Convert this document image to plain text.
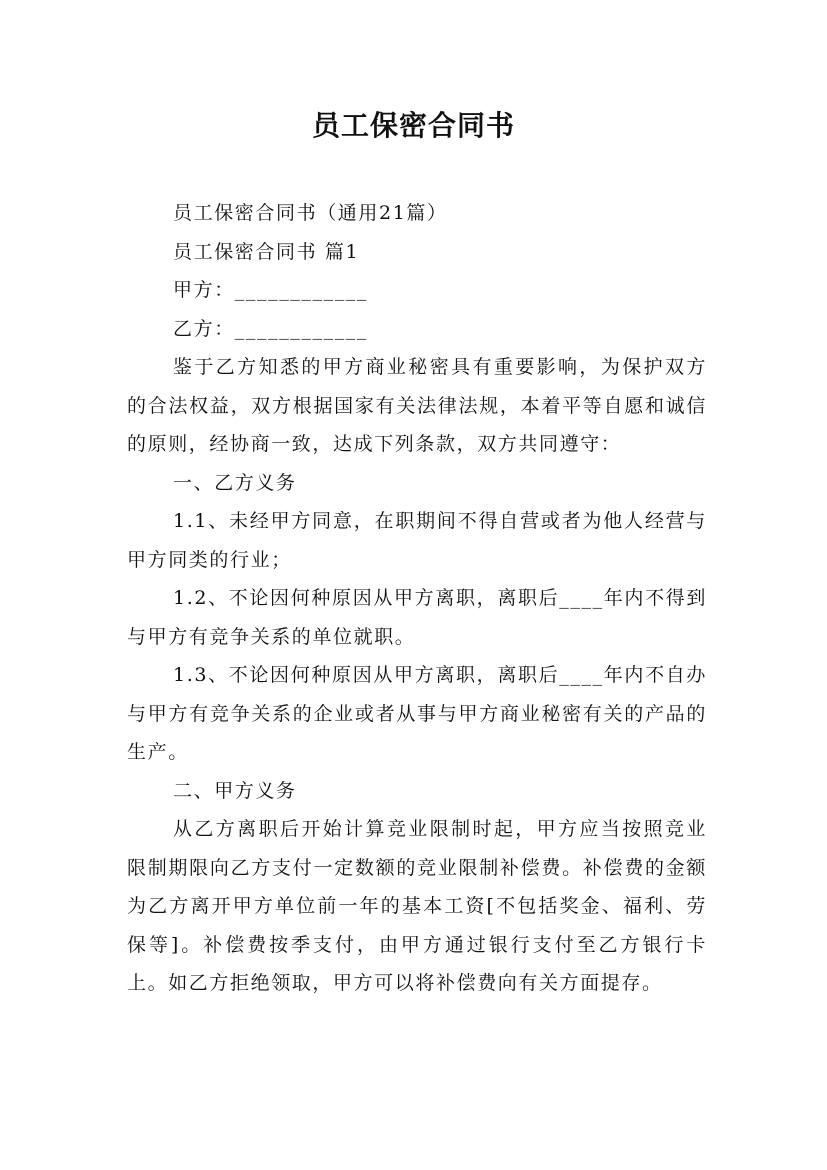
员工保密合同书

员工保密合同书（通用21篇）

员工保密合同书 篇1

甲方：____________

乙方：____________

鉴于乙方知悉的甲方商业秘密具有重要影响，为保护双方的合法权益，双方根据国家有关法律法规，本着平等自愿和诚信的原则，经协商一致，达成下列条款，双方共同遵守：

一、乙方义务

1.1、未经甲方同意，在职期间不得自营或者为他人经营与甲方同类的行业；

1.2、不论因何种原因从甲方离职，离职后____年内不得到与甲方有竞争关系的单位就职。

1.3、不论因何种原因从甲方离职，离职后____年内不自办与甲方有竞争关系的企业或者从事与甲方商业秘密有关的产品的生产。

二、甲方义务

从乙方离职后开始计算竞业限制时起，甲方应当按照竞业限制期限向乙方支付一定数额的竞业限制补偿费。补偿费的金额为乙方离开甲方单位前一年的基本工资[不包括奖金、福利、劳保等]。补偿费按季支付，由甲方通过银行支付至乙方银行卡上。如乙方拒绝领取，甲方可以将补偿费向有关方面提存。
